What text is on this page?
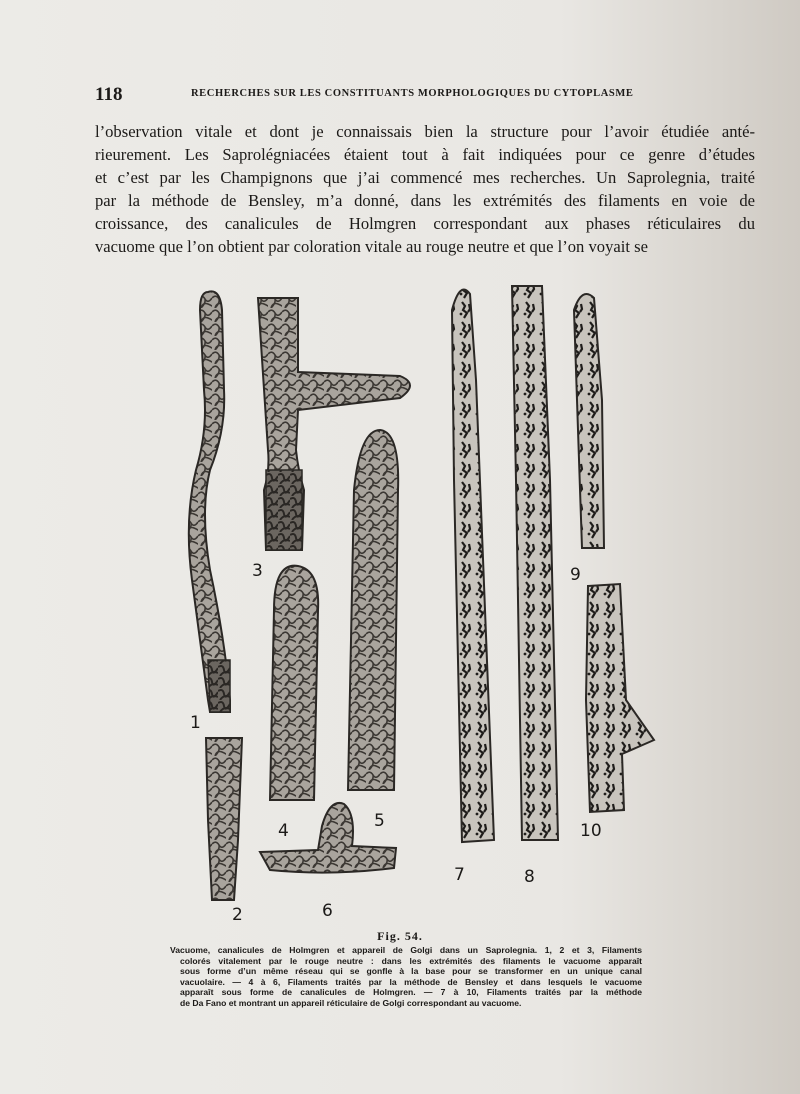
118	RECHERCHES SUR LES CONSTITUANTS MORPHOLOGIQUES DU CYTOPLASME
l’observation vitale et dont je connaissais bien la structure pour l’avoir étudiée anté-
rieurement. Les Saprolégniacées étaient tout à fait indiquées pour ce genre d’études
et c’est par les Champignons que j’ai commencé mes recherches. Un Saprolegnia, traité
par la méthode de Bensley, m’a donné, dans les extrémités des filaments en voie de
croissance, des canalicules de Holmgren correspondant aux phases réticulaires du
vacuome que l’on obtient par coloration vitale au rouge neutre et que l’on voyait se
1
2
3
4	5
6
7	8
9
10
Fig. 54.
Vacuome, canalicules de Holmgren et appareil de Golgi dans un Saprolegnia. 1, 2 et 3, Filaments
colorés vitalement par le rouge neutre : dans les extrémités des filaments le vacuome apparaît
sous forme d’un même réseau qui se gonfle à la base pour se transformer en un unique canal
vacuolaire. — 4 à 6, Filaments traités par la méthode de Bensley et dans lesquels le vacuome
apparaît sous forme de canalicules de Holmgren. — 7 à 10, Filaments traités par la méthode
de Da Fano et montrant un appareil réticulaire de Golgi correspondant au vacuome.
